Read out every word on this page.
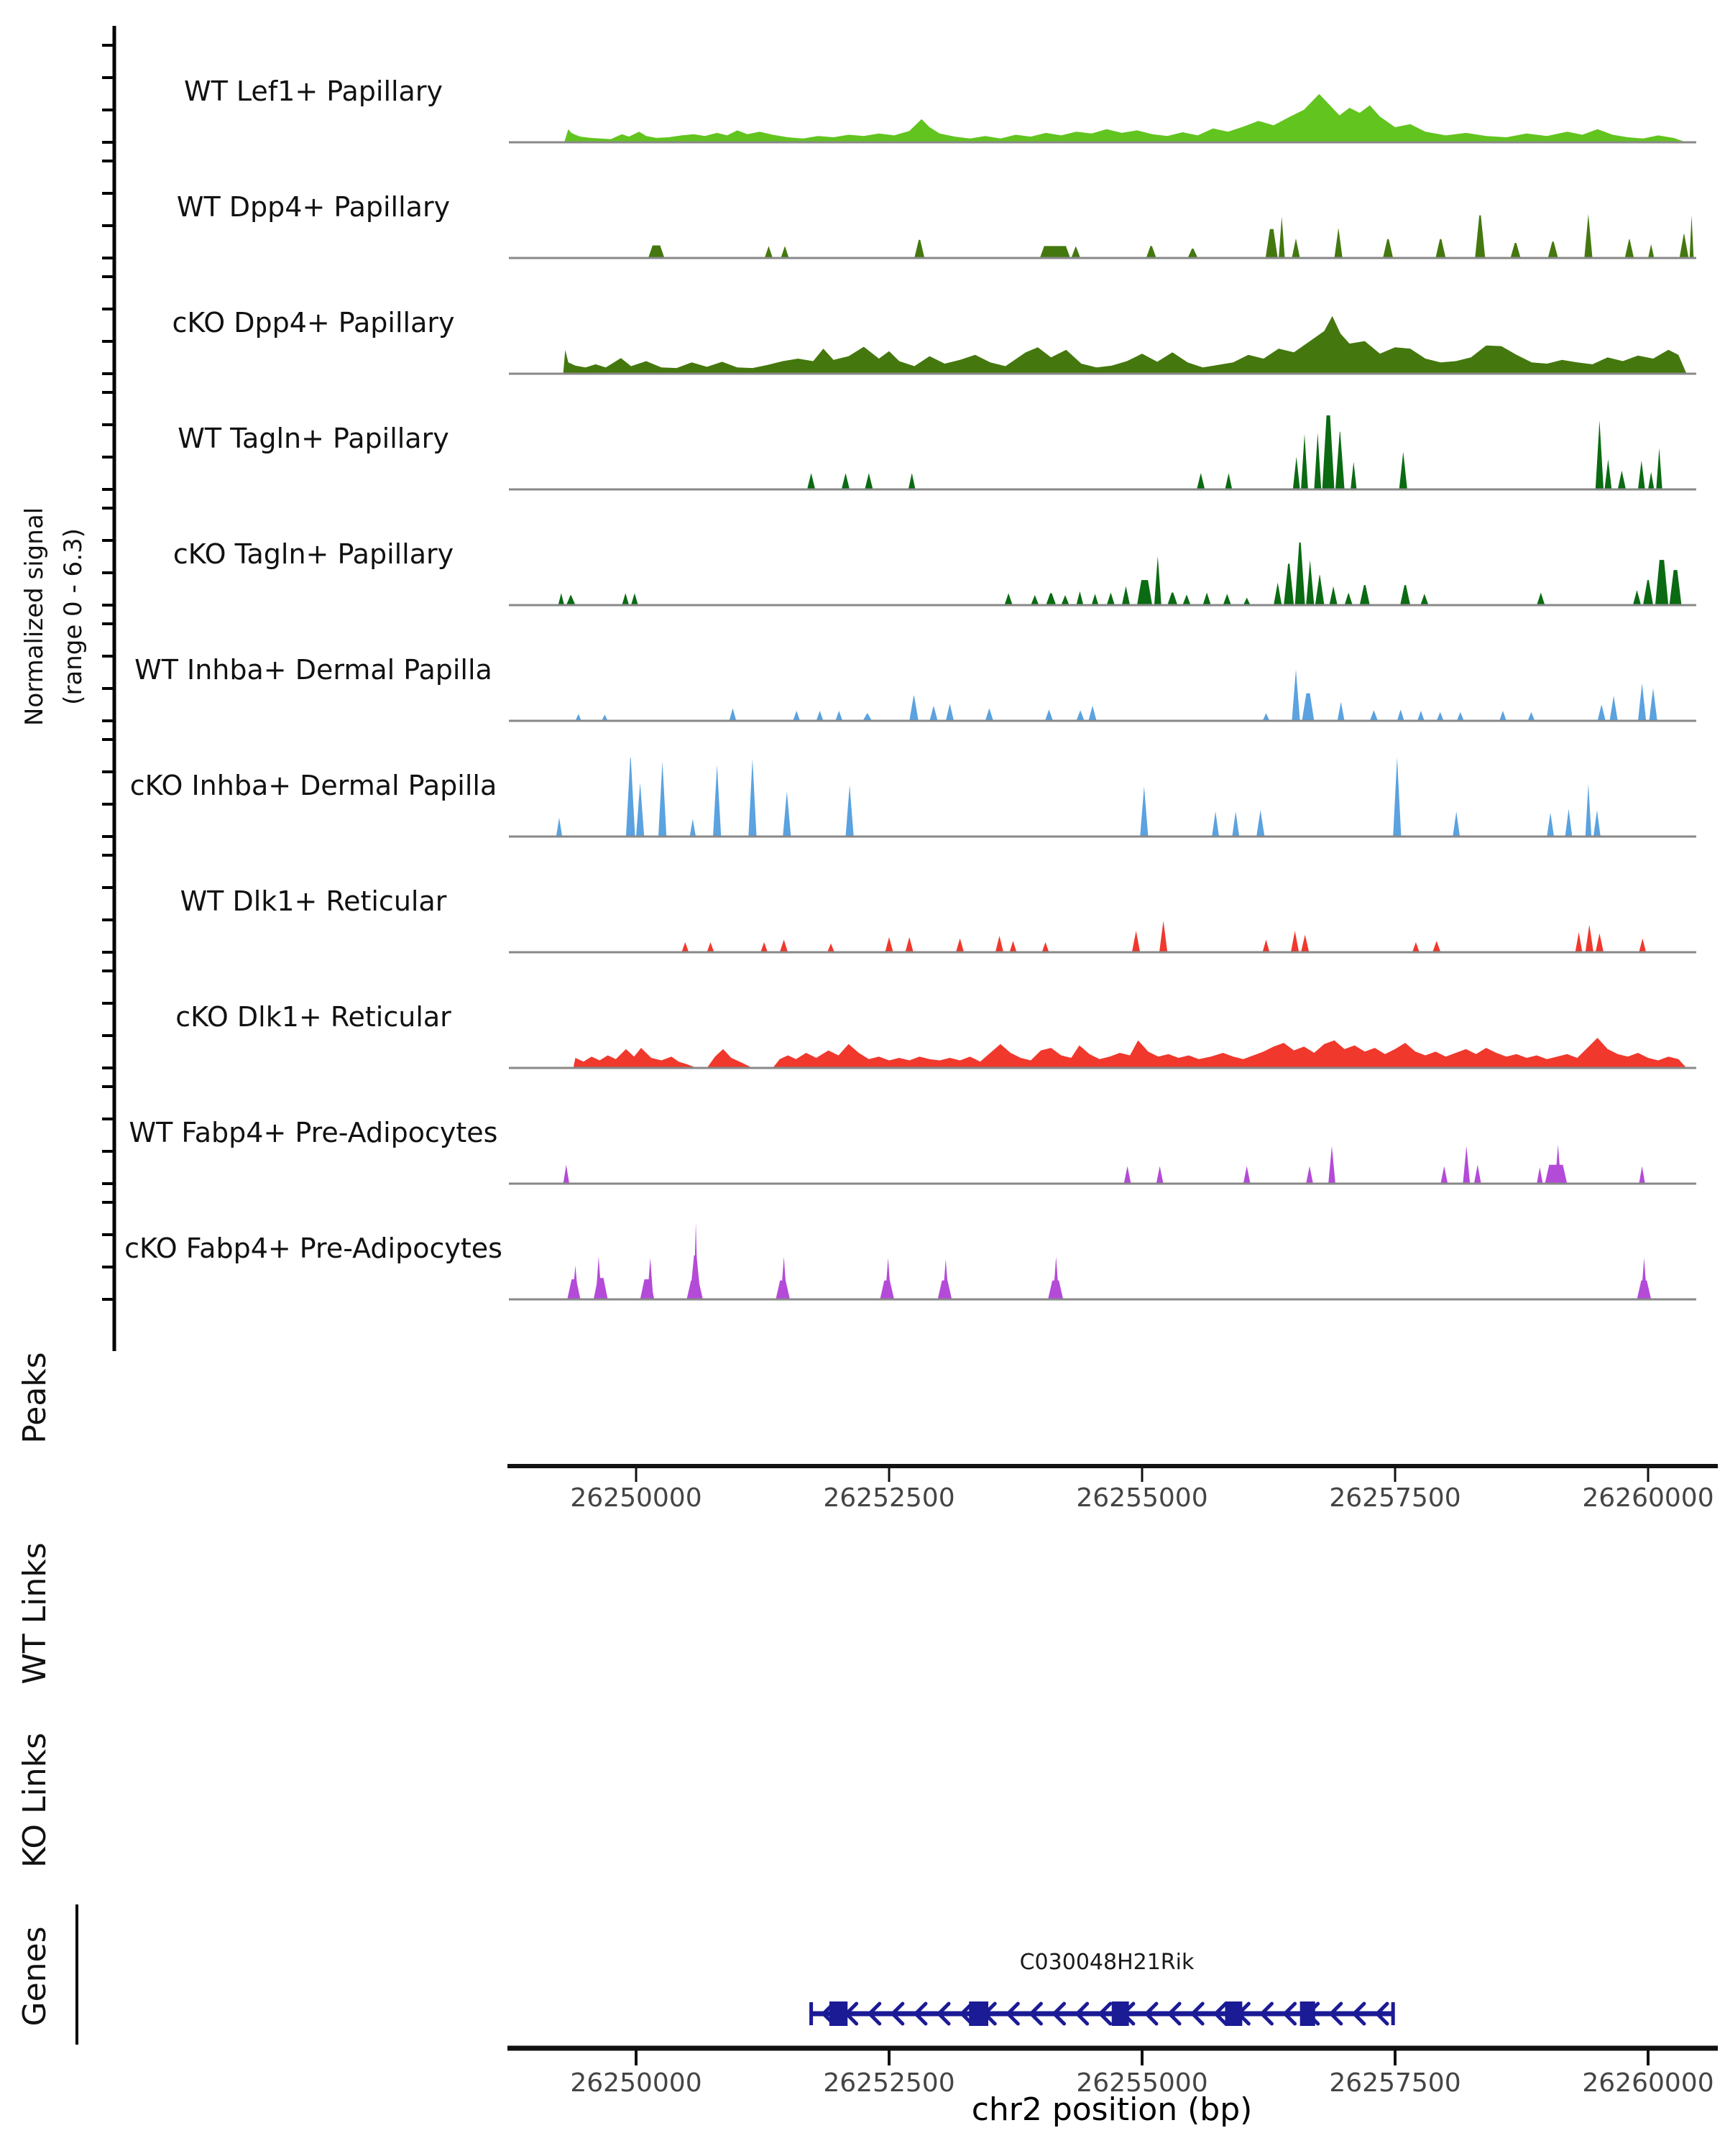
Normalized signal (range 0 - 6.3)
WT Lef1+ Papillary
WT Dpp4+ Papillary
cKO Dpp4+ Papillary
WT Tagln+ Papillary
cKO Tagln+ Papillary
WT Inhba+ Dermal Papilla
cKO Inhba+ Dermal Papilla
WT Dlk1+ Reticular
cKO Dlk1+ Reticular
WT Fabp4+ Pre-Adipocytes
cKO Fabp4+ Pre-Adipocytes
Peaks
26250000	26252500	26255000	26257500	26260000
WT Links
KO Links
Genes	C030048H21Rik
26250000	26252500	26255000	26257500	26260000
chr2 position (bp)
